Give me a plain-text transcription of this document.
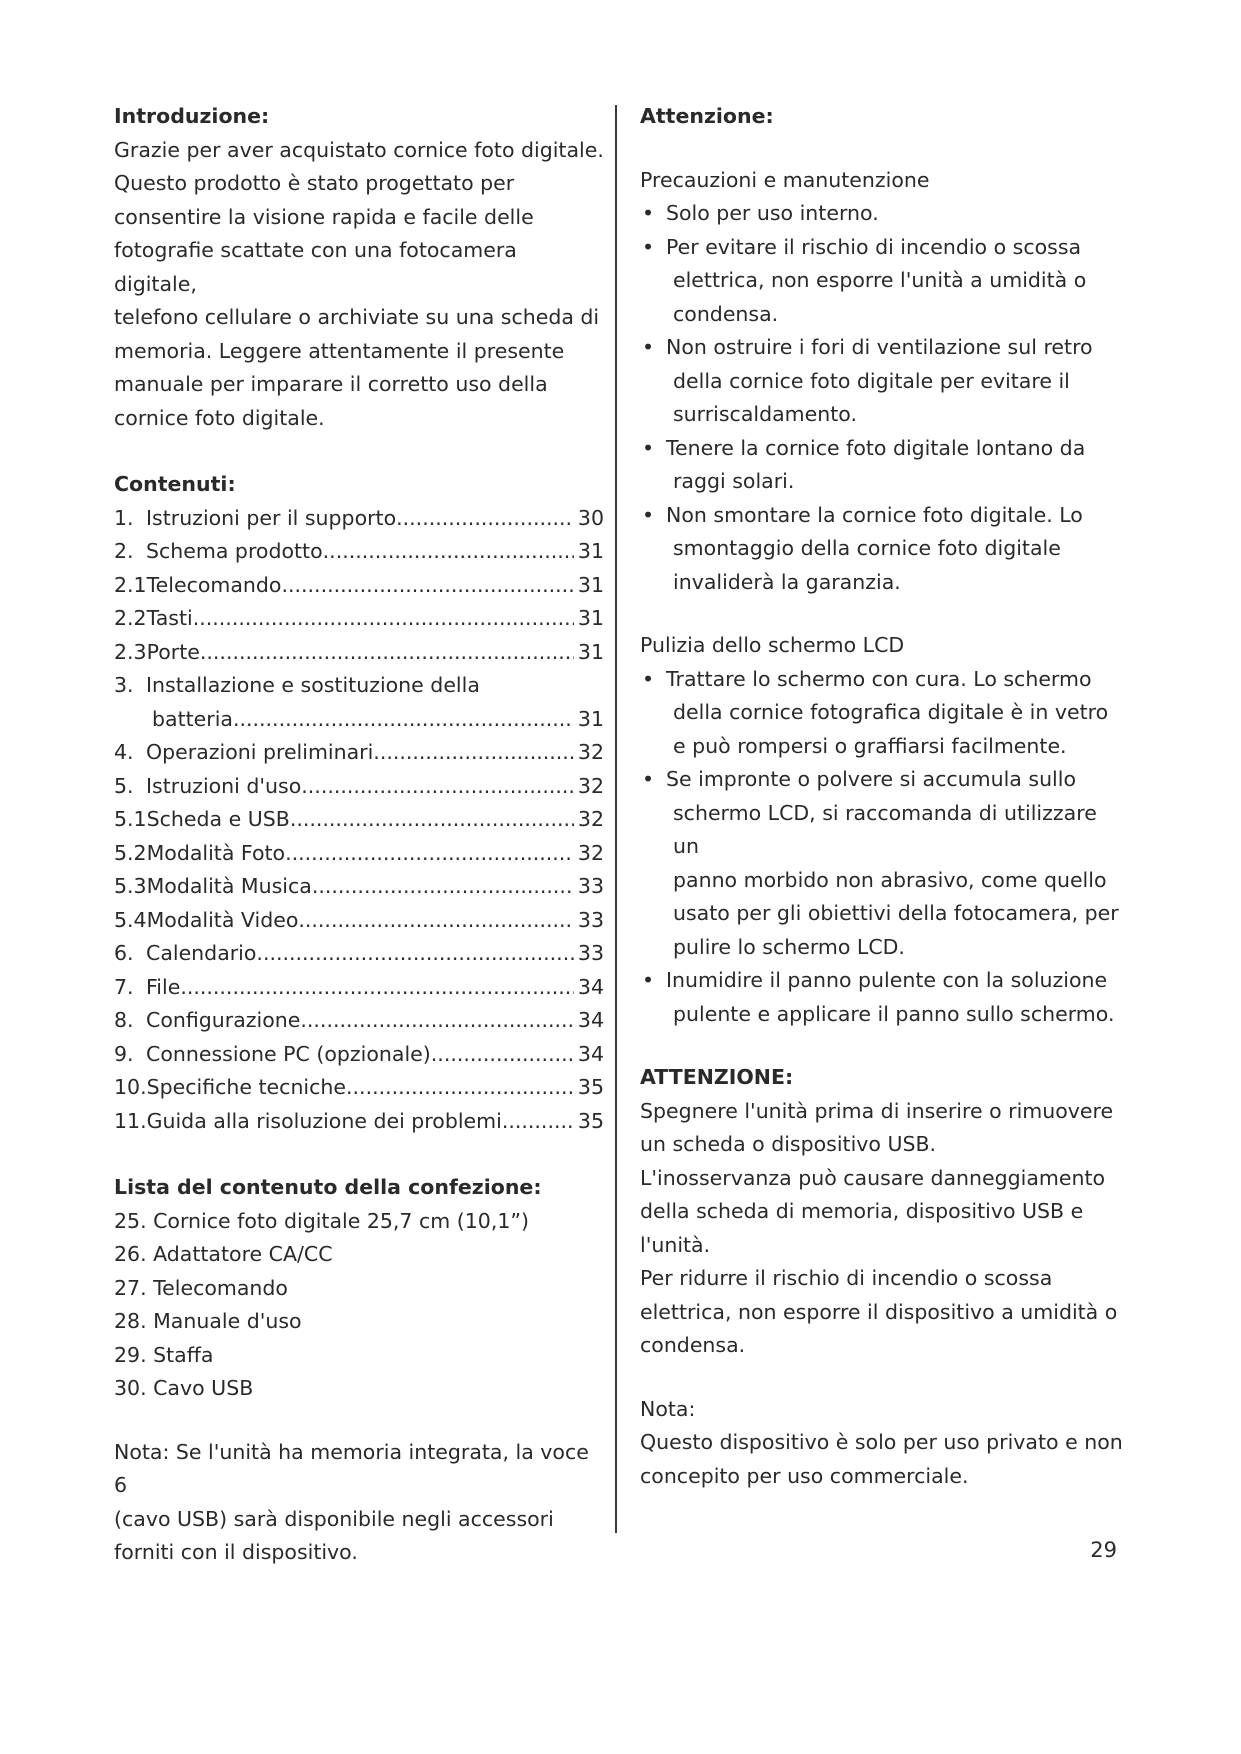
Introduzione:
Grazie per aver acquistato cornice foto digitale.
Questo prodotto è stato progettato per
consentire la visione rapida e facile delle
fotografie scattate con una fotocamera digitale,
telefono cellulare o archiviate su una scheda di
memoria. Leggere attentamente il presente
manuale per imparare il corretto uso della
cornice foto digitale.
Contenuti:
1. Istruzioni per il supporto .....	30
2. Schema prodotto .....	31
2.1 Telecomando .....	31
2.2 Tasti .....	31
2.3 Porte .....	31
3. Installazione e sostituzione della
batteria .....	31
4. Operazioni preliminari .....	32
5. Istruzioni d'uso .....	32
5.1 Scheda e USB .....	32
5.2 Modalità Foto .....	32
5.3 Modalità Musica .....	33
5.4 Modalità Video .....	33
6. Calendario .....	33
7. File .....	34
8. Configurazione .....	34
9. Connessione PC (opzionale) .....	34
10. Specifiche tecniche .....	35
11. Guida alla risoluzione dei problemi .....	35
Lista del contenuto della confezione:
25. Cornice foto digitale 25,7 cm (10,1”)
26. Adattatore CA/CC
27. Telecomando
28. Manuale d'uso
29. Staffa
30. Cavo USB
Nota: Se l'unità ha memoria integrata, la voce 6
(cavo USB) sarà disponibile negli accessori
forniti con il dispositivo.
Attenzione:
Precauzioni e manutenzione
• Solo per uso interno.
• Per evitare il rischio di incendio o scossa
elettrica, non esporre l'unità a umidità o
condensa.
• Non ostruire i fori di ventilazione sul retro
della cornice foto digitale per evitare il
surriscaldamento.
• Tenere la cornice foto digitale lontano da
raggi solari.
• Non smontare la cornice foto digitale. Lo
smontaggio della cornice foto digitale
invaliderà la garanzia.
Pulizia dello schermo LCD
• Trattare lo schermo con cura. Lo schermo
della cornice fotografica digitale è in vetro
e può rompersi o graffiarsi facilmente.
• Se impronte o polvere si accumula sullo
schermo LCD, si raccomanda di utilizzare un
panno morbido non abrasivo, come quello
usato per gli obiettivi della fotocamera, per
pulire lo schermo LCD.
• Inumidire il panno pulente con la soluzione
pulente e applicare il panno sullo schermo.
ATTENZIONE:
Spegnere l'unità prima di inserire o rimuovere
un scheda o dispositivo USB.
L'inosservanza può causare danneggiamento
della scheda di memoria, dispositivo USB e
l'unità.
Per ridurre il rischio di incendio o scossa
elettrica, non esporre il dispositivo a umidità o
condensa.
Nota:
Questo dispositivo è solo per uso privato e non
concepito per uso commerciale.
29
